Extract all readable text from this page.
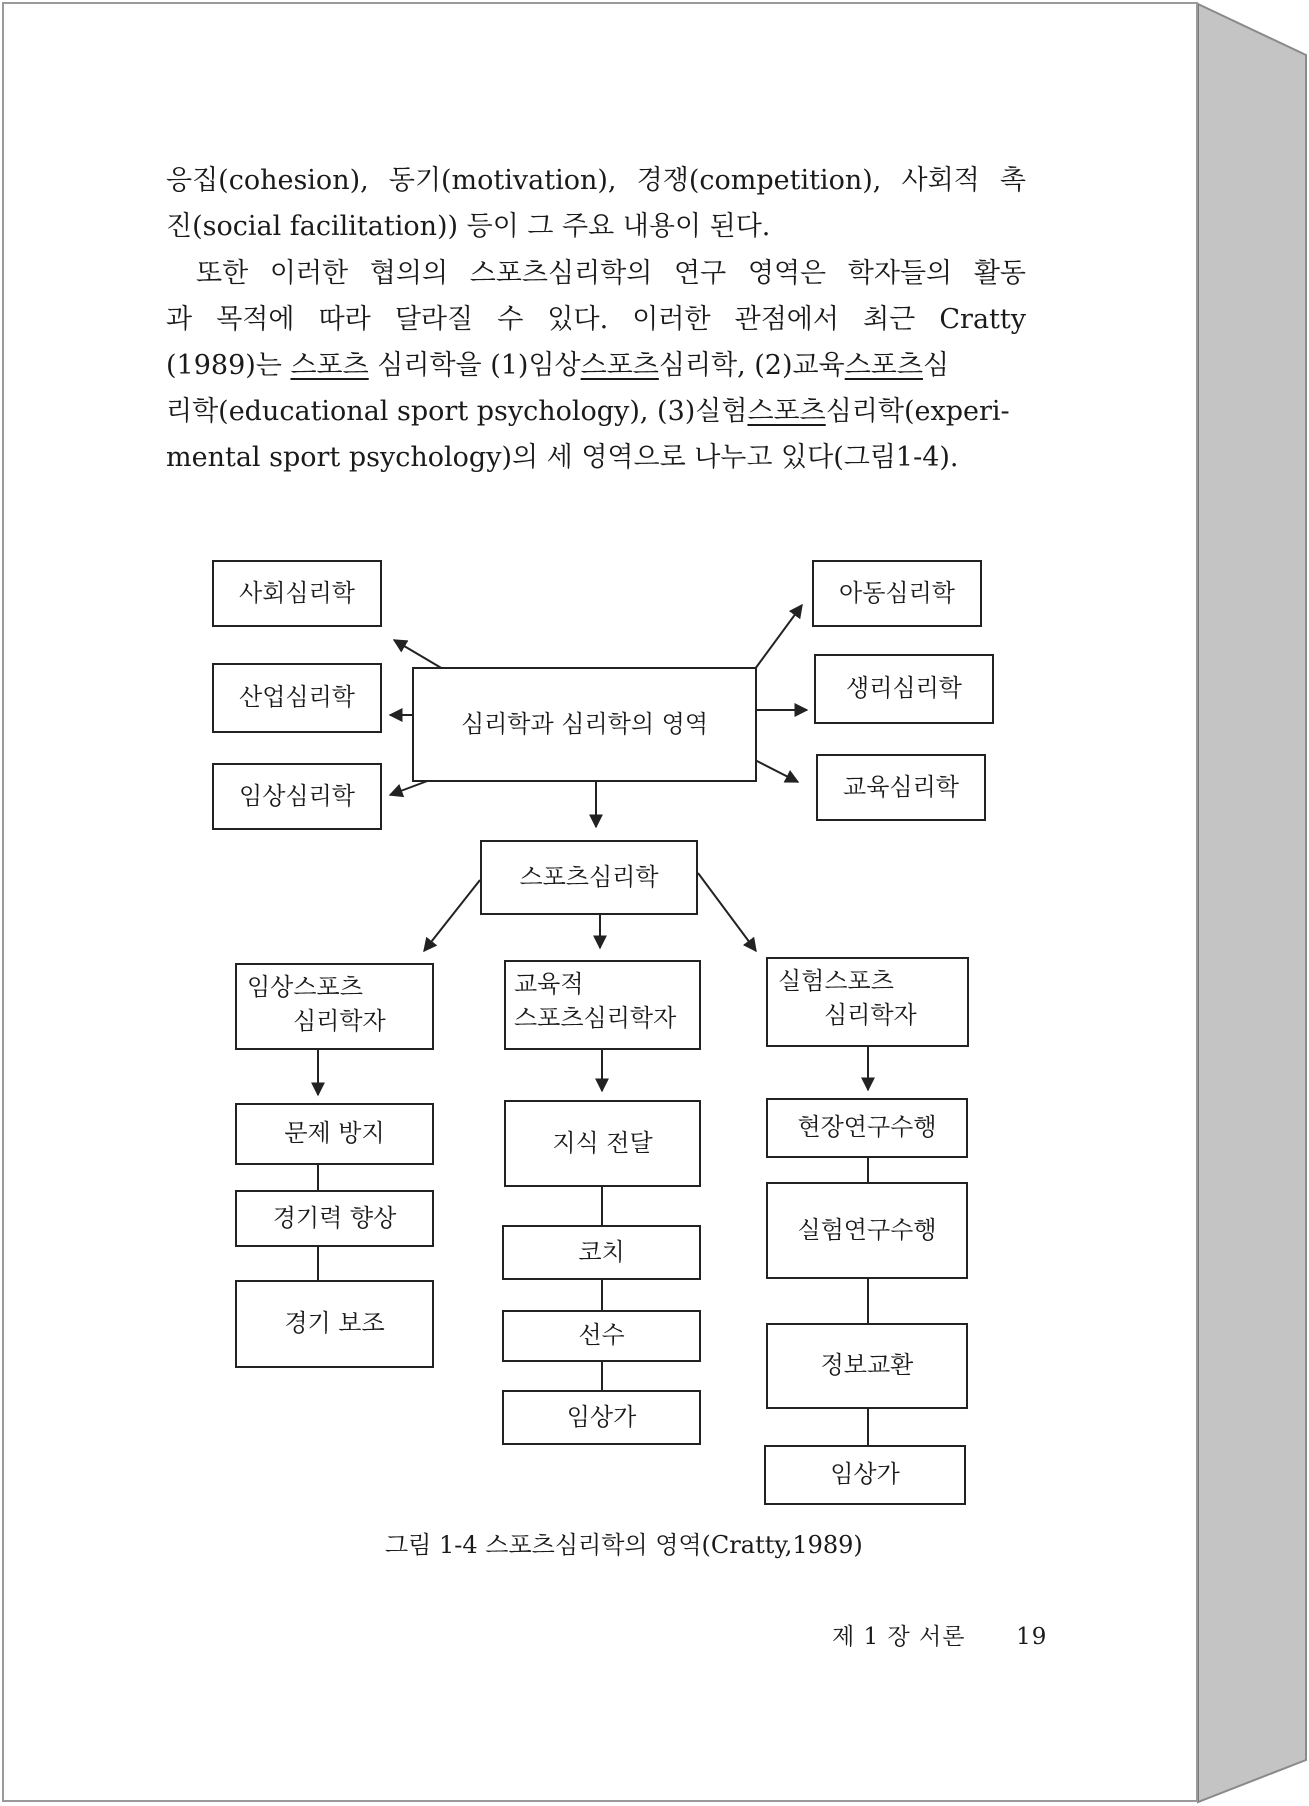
응집(cohesion), 동기(motivation), 경쟁(competition), 사회적 촉
진(social facilitation)) 등이 그 주요 내용이 된다.
또한 이러한 협의의 스포츠심리학의 연구 영역은 학자들의 활동
과 목적에 따라 달라질 수 있다. 이러한 관점에서 최근 Cratty
(1989)는 스포츠 심리학을 (1)임상스포츠심리학, (2)교육스포츠심
리학(educational sport psychology), (3)실험스포츠심리학(experi-
mental sport psychology)의 세 영역으로 나누고 있다(그림1-4).
심리학과 심리학의 영역
사회심리학
산업심리학
임상심리학
아동심리학
생리심리학
교육심리학
스포츠심리학
임상스포츠
심리학자
문제 방지
경기력 향상
경기 보조
교육적
스포츠심리학자
지식 전달
코치
선수
임상가
실험스포츠
심리학자
현장연구수행
실험연구수행
정보교환
임상가
그림 1-4 스포츠심리학의 영역(Cratty,1989)
제 1 장 서론 19
